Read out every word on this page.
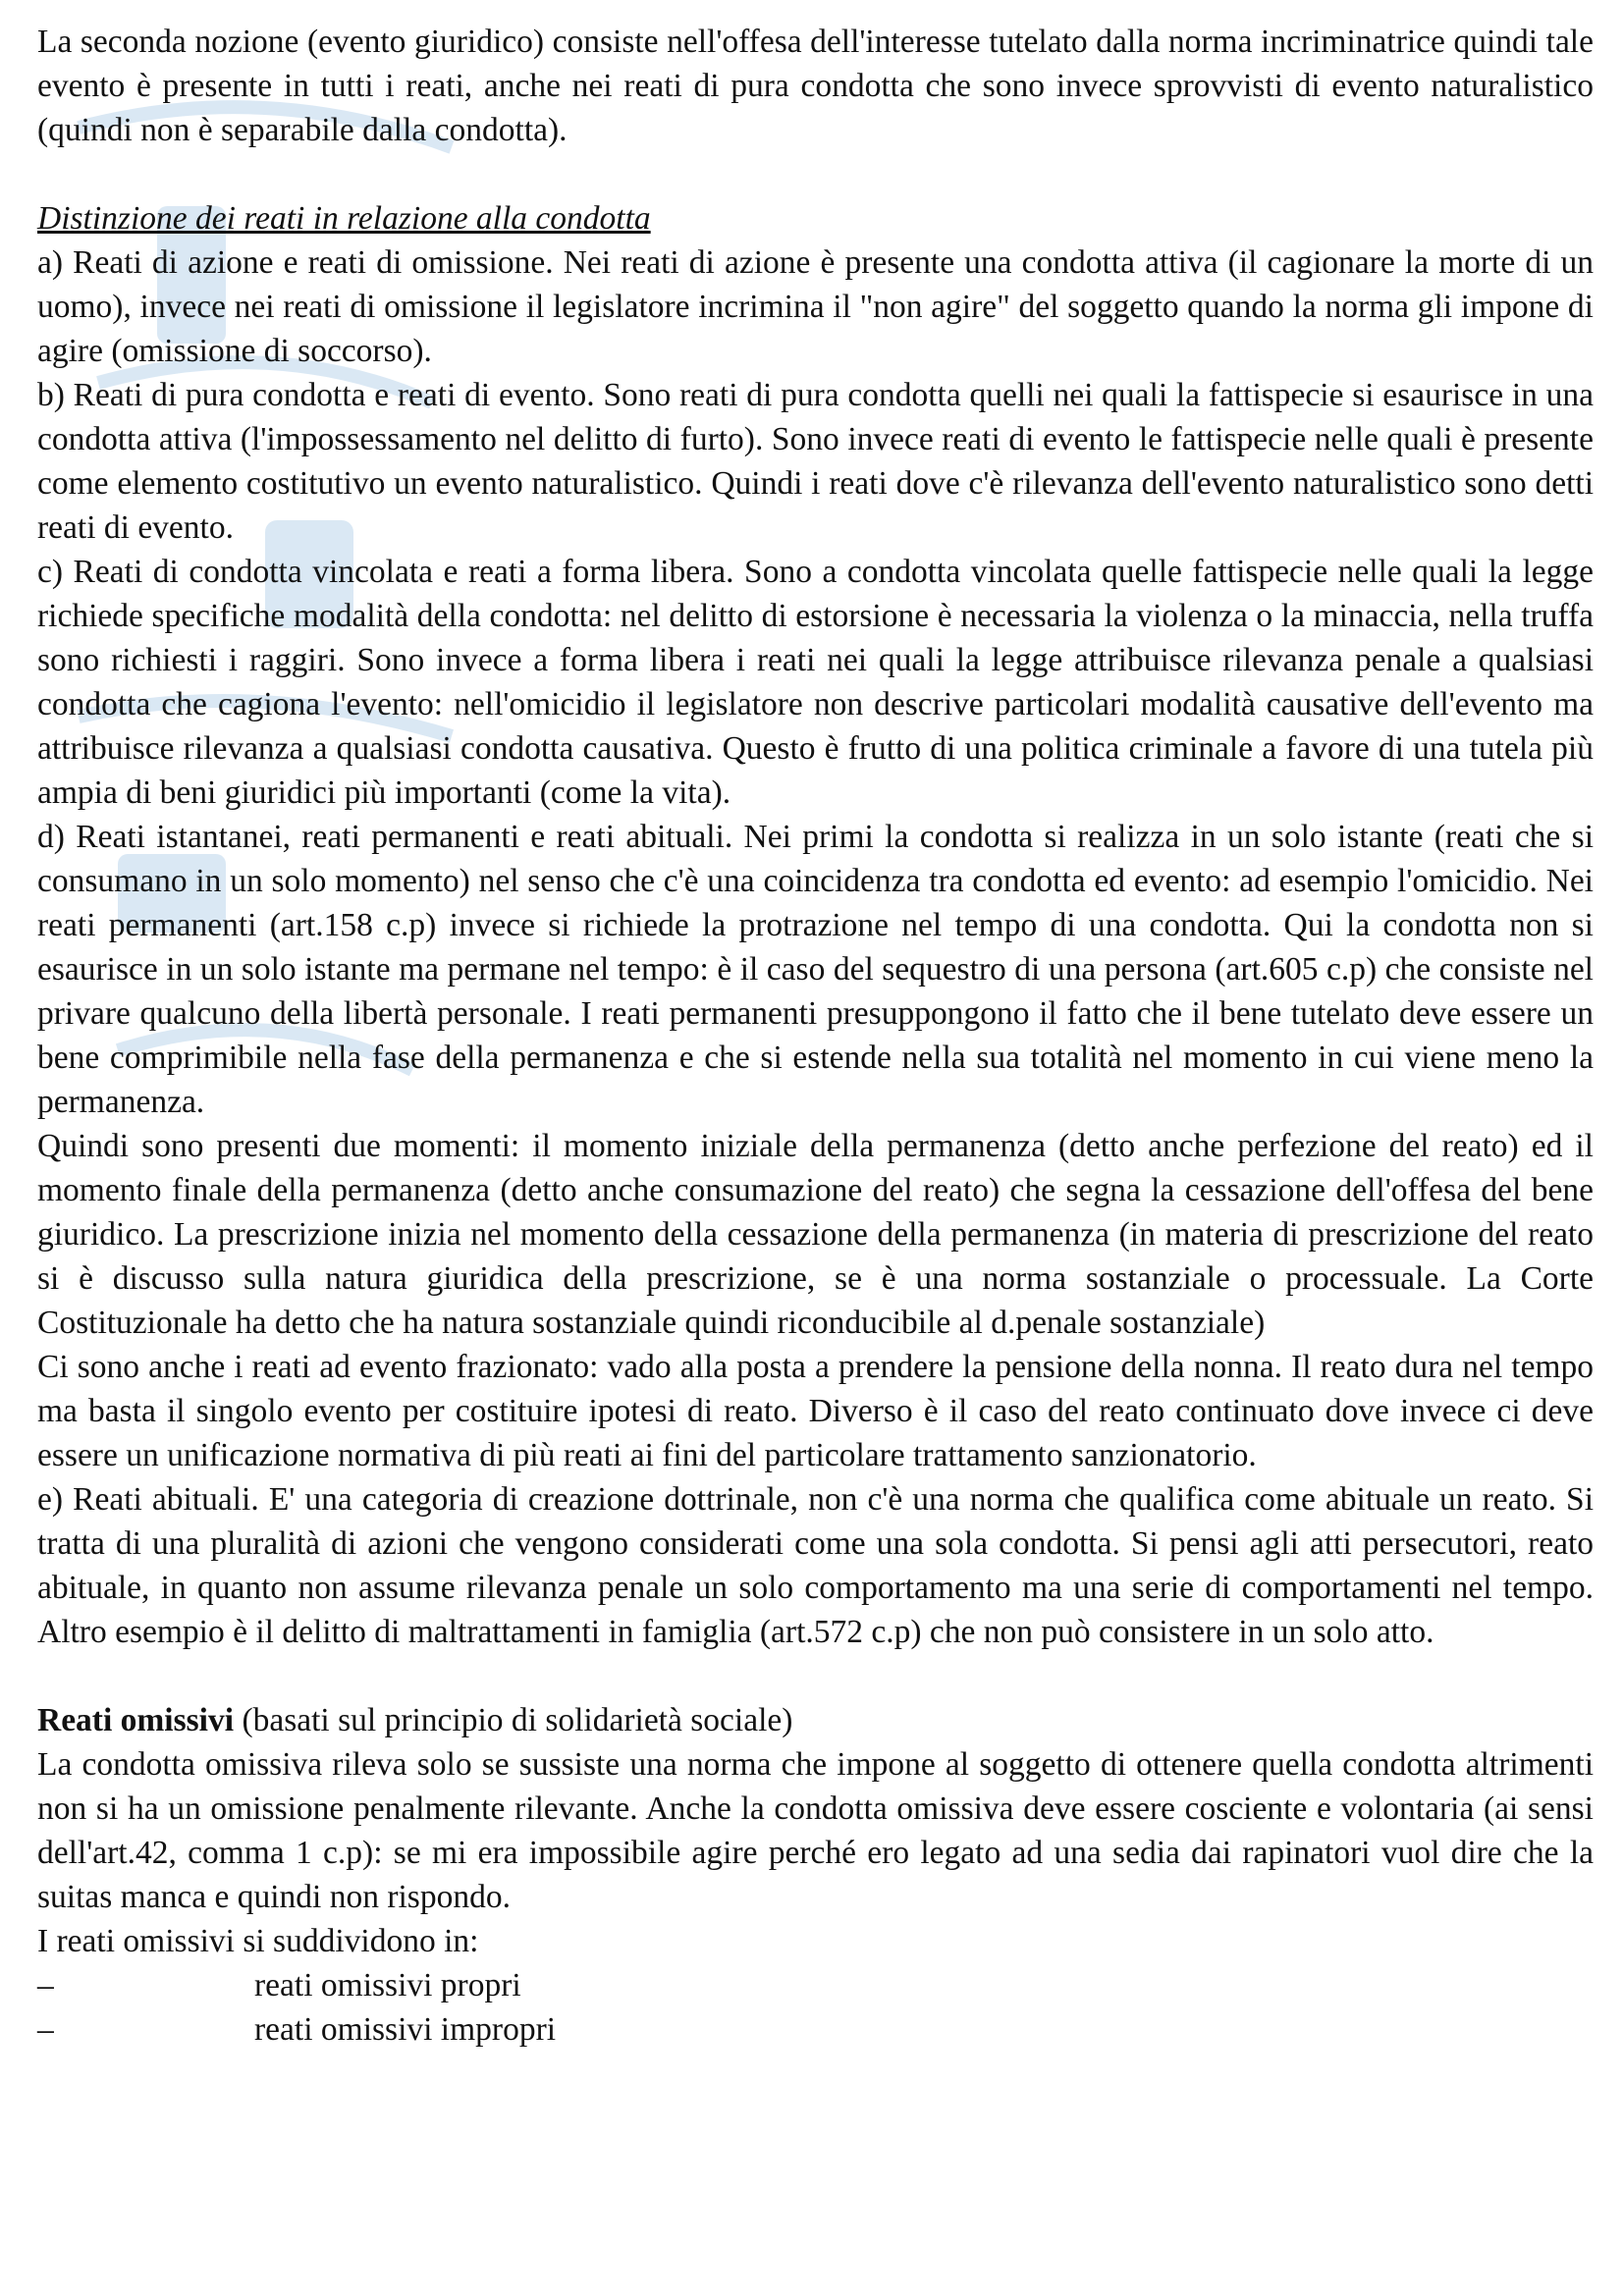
La seconda nozione (evento giuridico) consiste nell'offesa dell'interesse tutelato dalla norma incriminatrice quindi tale evento è presente in tutti i reati, anche nei reati di pura condotta che sono invece sprovvisti di evento naturalistico (quindi non è separabile dalla condotta).

Distinzione dei reati in relazione alla condotta

a) Reati di azione e reati di omissione. Nei reati di azione è presente una condotta attiva (il cagionare la morte di un uomo), invece nei reati di omissione il legislatore incrimina il "non agire" del soggetto quando la norma gli impone di agire (omissione di soccorso).

b) Reati di pura condotta e reati di evento. Sono reati di pura condotta quelli nei quali la fattispecie si esaurisce in una condotta attiva (l'impossessamento nel delitto di furto). Sono invece reati di evento le fattispecie nelle quali è presente come elemento costitutivo un evento naturalistico. Quindi i reati dove c'è rilevanza dell'evento naturalistico sono detti reati di evento.

c) Reati di condotta vincolata e reati a forma libera. Sono a condotta vincolata quelle fattispecie nelle quali la legge richiede specifiche modalità della condotta: nel delitto di estorsione è necessaria la violenza o la minaccia, nella truffa sono richiesti i raggiri. Sono invece a forma libera i reati nei quali la legge attribuisce rilevanza penale a qualsiasi condotta che cagiona l'evento: nell'omicidio il legislatore non descrive particolari modalità causative dell'evento ma attribuisce rilevanza a qualsiasi condotta causativa. Questo è frutto di una politica criminale a favore di una tutela più ampia di beni giuridici più importanti (come la vita).

d) Reati istantanei, reati permanenti e reati abituali. Nei primi la condotta si realizza in un solo istante (reati che si consumano in un solo momento) nel senso che c'è una coincidenza tra condotta ed evento: ad esempio l'omicidio. Nei reati permanenti (art.158 c.p) invece si richiede la protrazione nel tempo di una condotta. Qui la condotta non si esaurisce in un solo istante ma permane nel tempo: è il caso del sequestro di una persona (art.605 c.p) che consiste nel privare qualcuno della libertà personale. I reati permanenti presuppongono il fatto che il bene tutelato deve essere un bene comprimibile nella fase della permanenza e che si estende nella sua totalità nel momento in cui viene meno la permanenza.

Quindi sono presenti due momenti: il momento iniziale della permanenza (detto anche perfezione del reato) ed il momento finale della permanenza (detto anche consumazione del reato) che segna la cessazione dell'offesa del bene giuridico. La prescrizione inizia nel momento della cessazione della permanenza (in materia di prescrizione del reato si è discusso sulla natura giuridica della prescrizione, se è una norma sostanziale o processuale. La Corte Costituzionale ha detto che ha natura sostanziale quindi riconducibile al d.penale sostanziale)

Ci sono anche i reati ad evento frazionato: vado alla posta a prendere la pensione della nonna. Il reato dura nel tempo ma basta il singolo evento per costituire ipotesi di reato. Diverso è il caso del reato continuato dove invece ci deve essere un unificazione normativa di più reati ai fini del particolare trattamento sanzionatorio.

e) Reati abituali. E' una categoria di creazione dottrinale, non c'è una norma che qualifica come abituale un reato. Si tratta di una pluralità di azioni che vengono considerati come una sola condotta. Si pensi agli atti persecutori, reato abituale, in quanto non assume rilevanza penale un solo comportamento ma una serie di comportamenti nel tempo. Altro esempio è il delitto di maltrattamenti in famiglia (art.572 c.p) che non può consistere in un solo atto.

Reati omissivi (basati sul principio di solidarietà sociale)

La condotta omissiva rileva solo se sussiste una norma che impone al soggetto di ottenere quella condotta altrimenti non si ha un omissione penalmente rilevante. Anche la condotta omissiva deve essere cosciente e volontaria (ai sensi dell'art.42, comma 1 c.p): se mi era impossibile agire perché ero legato ad una sedia dai rapinatori vuol dire che la suitas manca e quindi non rispondo.

I reati omissivi si suddividono in:

–	reati omissivi propri
–	reati omissivi impropri
